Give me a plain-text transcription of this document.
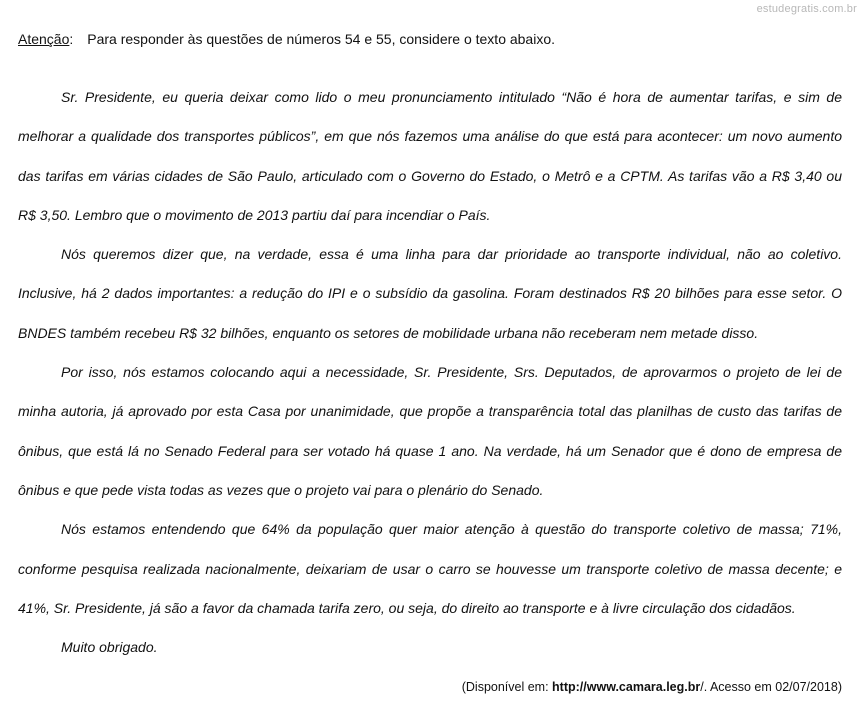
estudegratis.com.br
Atenção: Para responder às questões de números 54 e 55, considere o texto abaixo.

Sr. Presidente, eu queria deixar como lido o meu pronunciamento intitulado “Não é hora de aumentar tarifas, e sim de melhorar a qualidade dos transportes públicos”, em que nós fazemos uma análise do que está para acontecer: um novo aumento das tarifas em várias cidades de São Paulo, articulado com o Governo do Estado, o Metrô e a CPTM. As tarifas vão a R$ 3,40 ou R$ 3,50. Lembro que o movimento de 2013 partiu daí para incendiar o País.

Nós queremos dizer que, na verdade, essa é uma linha para dar prioridade ao transporte individual, não ao coletivo. Inclusive, há 2 dados importantes: a redução do IPI e o subsídio da gasolina. Foram destinados R$ 20 bilhões para esse setor. O BNDES também recebeu R$ 32 bilhões, enquanto os setores de mobilidade urbana não receberam nem metade disso.

Por isso, nós estamos colocando aqui a necessidade, Sr. Presidente, Srs. Deputados, de aprovarmos o projeto de lei de minha autoria, já aprovado por esta Casa por unanimidade, que propõe a transparência total das planilhas de custo das tarifas de ônibus, que está lá no Senado Federal para ser votado há quase 1 ano. Na verdade, há um Senador que é dono de empresa de ônibus e que pede vista todas as vezes que o projeto vai para o plenário do Senado.

Nós estamos entendendo que 64% da população quer maior atenção à questão do transporte coletivo de massa; 71%, conforme pesquisa realizada nacionalmente, deixariam de usar o carro se houvesse um transporte coletivo de massa decente; e 41%, Sr. Presidente, já são a favor da chamada tarifa zero, ou seja, do direito ao transporte e à livre circulação dos cidadãos.

Muito obrigado.

(Disponível em: http://www.camara.leg.br/. Acesso em 02/07/2018)
